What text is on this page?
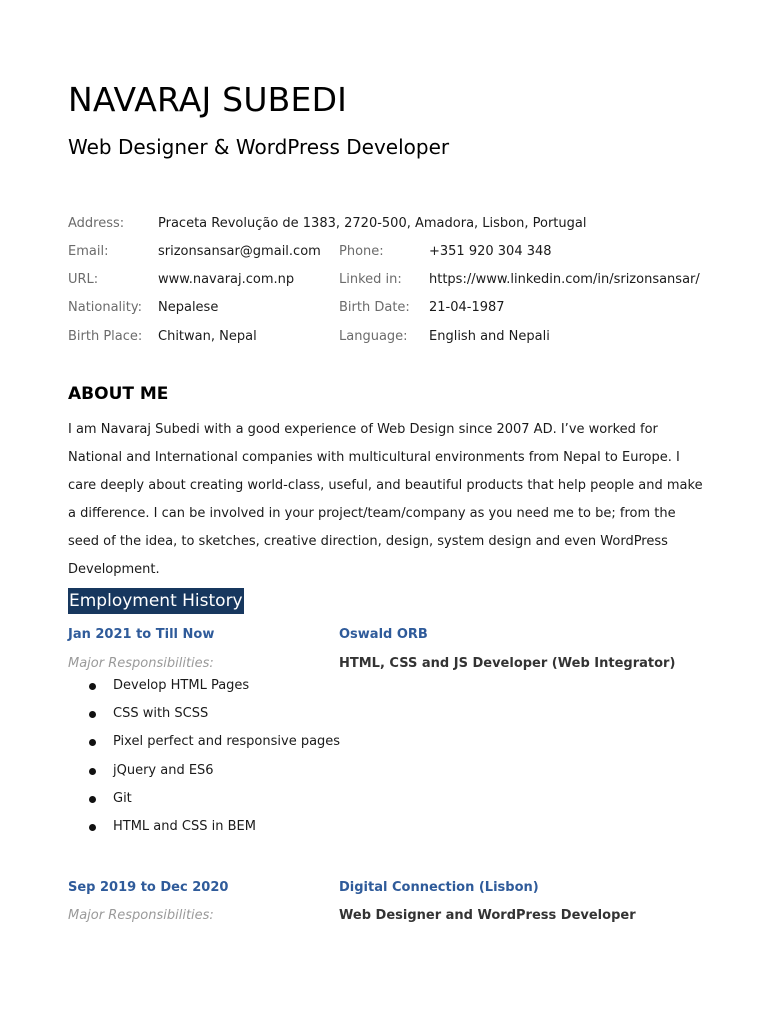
NAVARAJ SUBEDI
Web Designer & WordPress Developer
Address:	Praceta Revolução de 1383, 2720-500, Amadora, Lisbon, Portugal
Email:	srizonsansar@gmail.com Phone:	+351 920 304 348
URL:	www.navaraj.com.np	Linked in: https://www.linkedin.com/in/srizonsansar/
Nationality: Nepalese	Birth Date: 21-04-1987
Birth Place: Chitwan, Nepal	Language: English and Nepali
ABOUT ME

I am Navaraj Subedi with a good experience of Web Design since 2007 AD. I’ve worked for National and International companies with multicultural environments from Nepal to Europe. I care deeply about creating world-class, useful, and beautiful products that help people and make a difference. I can be involved in your project/team/company as you need me to be; from the seed of the idea, to sketches, creative direction, design, system design and even WordPress Development.

Employment History
Jan 2021 to Till Now	Oswald ORB
Major Responsibilities:	HTML, CSS and JS Developer (Web Integrator)
Develop HTML Pages
CSS with SCSS
Pixel perfect and responsive pages
jQuery and ES6
Git
HTML and CSS in BEM
Sep 2019 to Dec 2020	Digital Connection (Lisbon)
Major Responsibilities:	Web Designer and WordPress Developer
